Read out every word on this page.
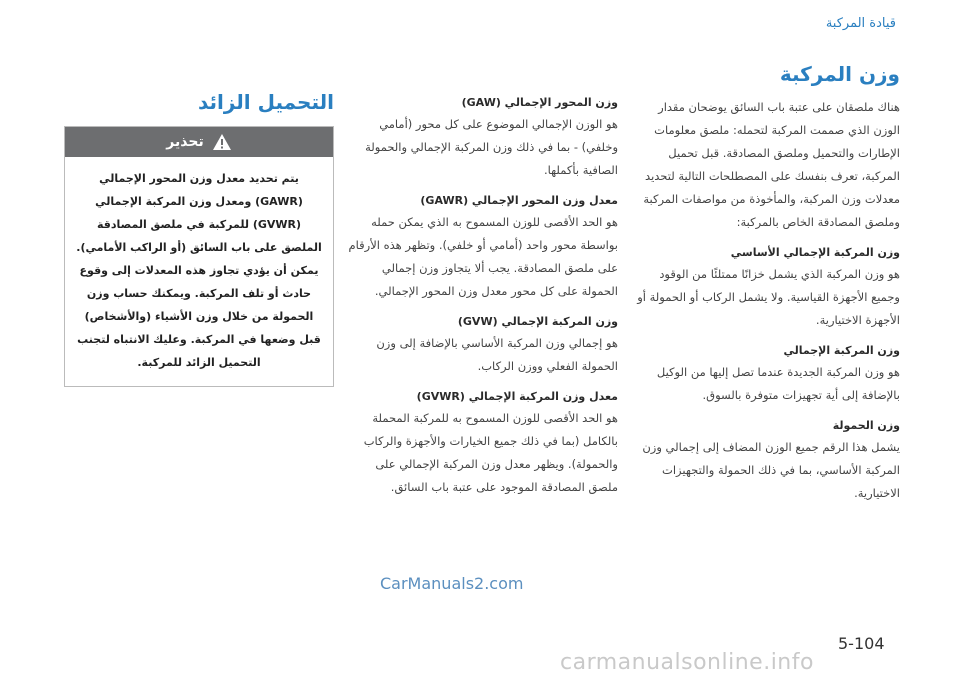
قيادة المركبة
وزن المركبة
هناك ملصقان على عتبة باب السائق يوضحان مقدار الوزن الذي صممت المركبة لتحمله: ملصق معلومات الإطارات والتحميل وملصق المصادقة. قبل تحميل المركبة، تعرف بنفسك على المصطلحات التالية لتحديد معدلات وزن المركبة، والمأخوذة من مواصفات المركبة وملصق المصادقة الخاص بالمركبة:
وزن المركبة الإجمالي الأساسي
هو وزن المركبة الذي يشمل خزانًا ممتلئًا من الوقود وجميع الأجهزة القياسية. ولا يشمل الركاب أو الحمولة أو الأجهزة الاختيارية.
وزن المركبة الإجمالي
هو وزن المركبة الجديدة عندما تصل إليها من الوكيل بالإضافة إلى أية تجهيزات متوفرة بالسوق.
وزن الحمولة
يشمل هذا الرقم جميع الوزن المضاف إلى إجمالي وزن المركبة الأساسي، بما في ذلك الحمولة والتجهيزات الاختيارية.
وزن المحور الإجمالي (GAW)
هو الوزن الإجمالي الموضوع على كل محور (أمامي وخلفي) - بما في ذلك وزن المركبة الإجمالي والحمولة الصافية بأكملها.
معدل وزن المحور الإجمالي (GAWR)
هو الحد الأقصى للوزن المسموح به الذي يمكن حمله بواسطة محور واحد (أمامي أو خلفي). وتظهر هذه الأرقام على ملصق المصادقة. يجب ألا يتجاوز وزن إجمالي الحمولة على كل محور معدل وزن المحور الإجمالي.
وزن المركبة الإجمالي (GVW)
هو إجمالي وزن المركبة الأساسي بالإضافة إلى وزن الحمولة الفعلي ووزن الركاب.
معدل وزن المركبة الإجمالي (GVWR)
هو الحد الأقصى للوزن المسموح به للمركبة المحملة بالكامل (بما في ذلك جميع الخيارات والأجهزة والركاب والحمولة). ويظهر معدل وزن المركبة الإجمالي على ملصق المصادقة الموجود على عتبة باب السائق.
التحميل الزائد
تحذير
يتم تحديد معدل وزن المحور الإجمالي (GAWR) ومعدل وزن المركبة الإجمالي (GVWR) للمركبة في ملصق المصادقة الملصق على باب السائق (أو الراكب الأمامي). يمكن أن يؤدي تجاوز هذه المعدلات إلى وقوع حادث أو تلف المركبة. ويمكنك حساب وزن الحمولة من خلال وزن الأشياء (والأشخاص) قبل وضعها في المركبة. وعليك الانتباه لتجنب التحميل الزائد للمركبة.
CarManuals2.com
5-104
carmanualsonline.info
